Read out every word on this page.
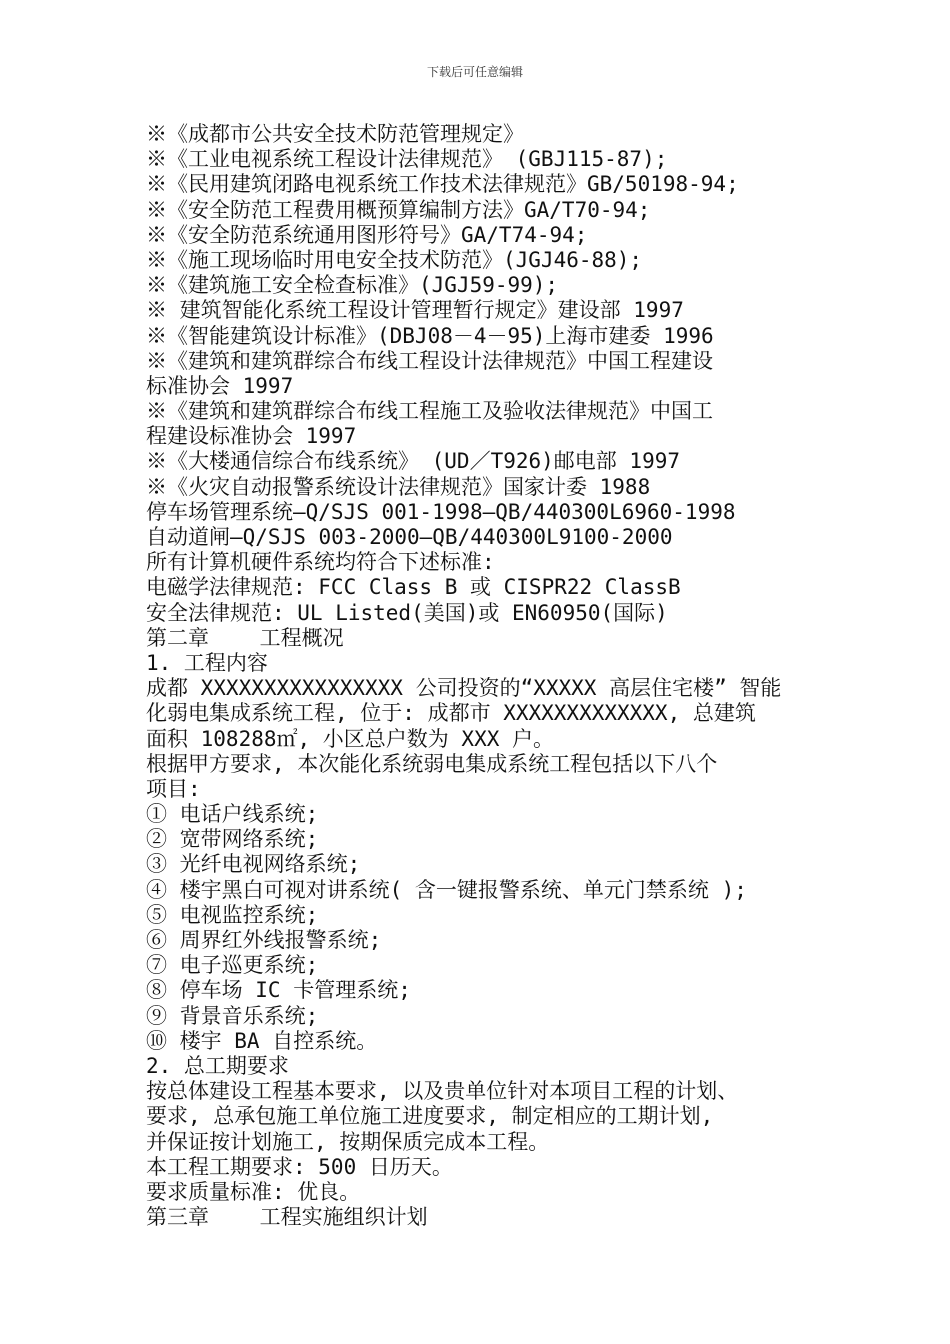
下载后可任意编辑
※《成都市公共安全技术防范管理规定》
※《工业电视系统工程设计法律规范》 (GBJ115-87);
※《民用建筑闭路电视系统工作技术法律规范》GB/50198-94;
※《安全防范工程费用概预算编制方法》GA/T70-94;
※《安全防范系统通用图形符号》GA/T74-94;
※《施工现场临时用电安全技术防范》(JGJ46-88);
※《建筑施工安全检查标准》(JGJ59-99);
※ 建筑智能化系统工程设计管理暂行规定》建设部 1997
※《智能建筑设计标准》(DBJ08－4－95)上海市建委 1996
※《建筑和建筑群综合布线工程设计法律规范》中国工程建设
标准协会 1997
※《建筑和建筑群综合布线工程施工及验收法律规范》中国工
程建设标准协会 1997
※《大楼通信综合布线系统》 (UD／T926)邮电部 1997
※《火灾自动报警系统设计法律规范》国家计委 1988
停车场管理系统—Q/SJS 001-1998—QB/440300L6960-1998
自动道闸—Q/SJS 003-2000—QB/440300L9100-2000
所有计算机硬件系统均符合下述标准:
电磁学法律规范: FCC Class B 或 CISPR22 ClassB
安全法律规范: UL Listed(美国)或 EN60950(国际)
第二章    工程概况
1. 工程内容
成都 XXXXXXXXXXXXXXXX 公司投资的“XXXXX 高层住宅楼” 智能
化弱电集成系统工程, 位于: 成都市 XXXXXXXXXXXXX, 总建筑
面积 108288㎡, 小区总户数为 XXX 户。
根据甲方要求, 本次能化系统弱电集成系统工程包括以下八个
项目:
① 电话户线系统;
② 宽带网络系统;
③ 光纤电视网络系统;
④ 楼宇黑白可视对讲系统( 含一键报警系统、单元门禁系统 );
⑤ 电视监控系统;
⑥ 周界红外线报警系统;
⑦ 电子巡更系统;
⑧ 停车场 IC 卡管理系统;
⑨ 背景音乐系统;
⑩ 楼宇 BA 自控系统。
2. 总工期要求
按总体建设工程基本要求, 以及贵单位针对本项目工程的计划、
要求, 总承包施工单位施工进度要求, 制定相应的工期计划,
并保证按计划施工, 按期保质完成本工程。
本工程工期要求: 500 日历天。
要求质量标准: 优良。
第三章    工程实施组织计划
